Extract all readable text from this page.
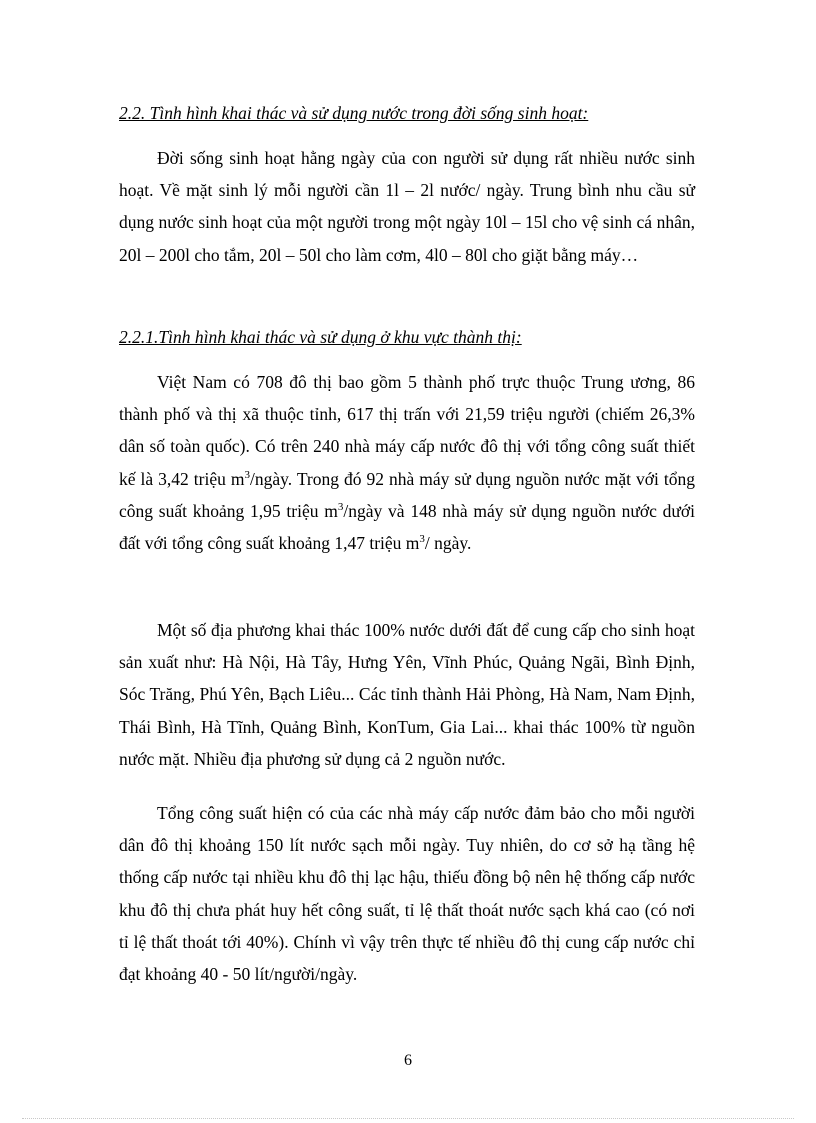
2.2. Tình hình khai thác và sử dụng nước trong đời sống sinh hoạt:

Đời sống sinh hoạt hằng ngày của con người sử dụng rất nhiều nước sinh hoạt. Về mặt sinh lý mỗi người cần 1l – 2l nước/ ngày. Trung bình nhu cầu sử dụng nước sinh hoạt của một người trong một ngày 10l – 15l cho vệ sinh cá nhân, 20l – 200l cho tắm, 20l – 50l cho làm cơm, 4l0 – 80l cho giặt bằng máy…

2.2.1.Tình hình khai thác và sử dụng ở khu vực thành thị:

Việt Nam có 708 đô thị bao gồm 5 thành phố trực thuộc Trung ương, 86 thành phố và thị xã thuộc tỉnh, 617 thị trấn với 21,59 triệu người (chiếm 26,3% dân số toàn quốc). Có trên 240 nhà máy cấp nước đô thị với tổng công suất thiết kế là 3,42 triệu $m^3$/ngày. Trong đó 92 nhà máy sử dụng nguồn nước mặt với tổng công suất khoảng 1,95 triệu $m^3$/ngày và 148 nhà máy sử dụng nguồn nước dưới đất với tổng công suất khoảng 1,47 triệu $m^3/$ ngày.

Một số địa phương khai thác 100% nước dưới đất để cung cấp cho sinh hoạt sản xuất như: Hà Nội, Hà Tây, Hưng Yên, Vĩnh Phúc, Quảng Ngãi, Bình Định, Sóc Trăng, Phú Yên, Bạch Liêu... Các tỉnh thành Hải Phòng, Hà Nam, Nam Định, Thái Bình, Hà Tĩnh, Quảng Bình, KonTum, Gia Lai... khai thác 100% từ nguồn nước mặt. Nhiều địa phương sử dụng cả 2 nguồn nước.

Tổng công suất hiện có của các nhà máy cấp nước đảm bảo cho mỗi người dân đô thị khoảng 150 lít nước sạch mỗi ngày. Tuy nhiên, do cơ sở hạ tầng hệ thống cấp nước tại nhiều khu đô thị lạc hậu, thiếu đồng bộ nên hệ thống cấp nước khu đô thị chưa phát huy hết công suất, tỉ lệ thất thoát nước sạch khá cao (có nơi tỉ lệ thất thoát tới 40%). Chính vì vậy trên thực tế nhiều đô thị cung cấp nước chỉ đạt khoảng 40 - 50 lít/người/ngày.

6
